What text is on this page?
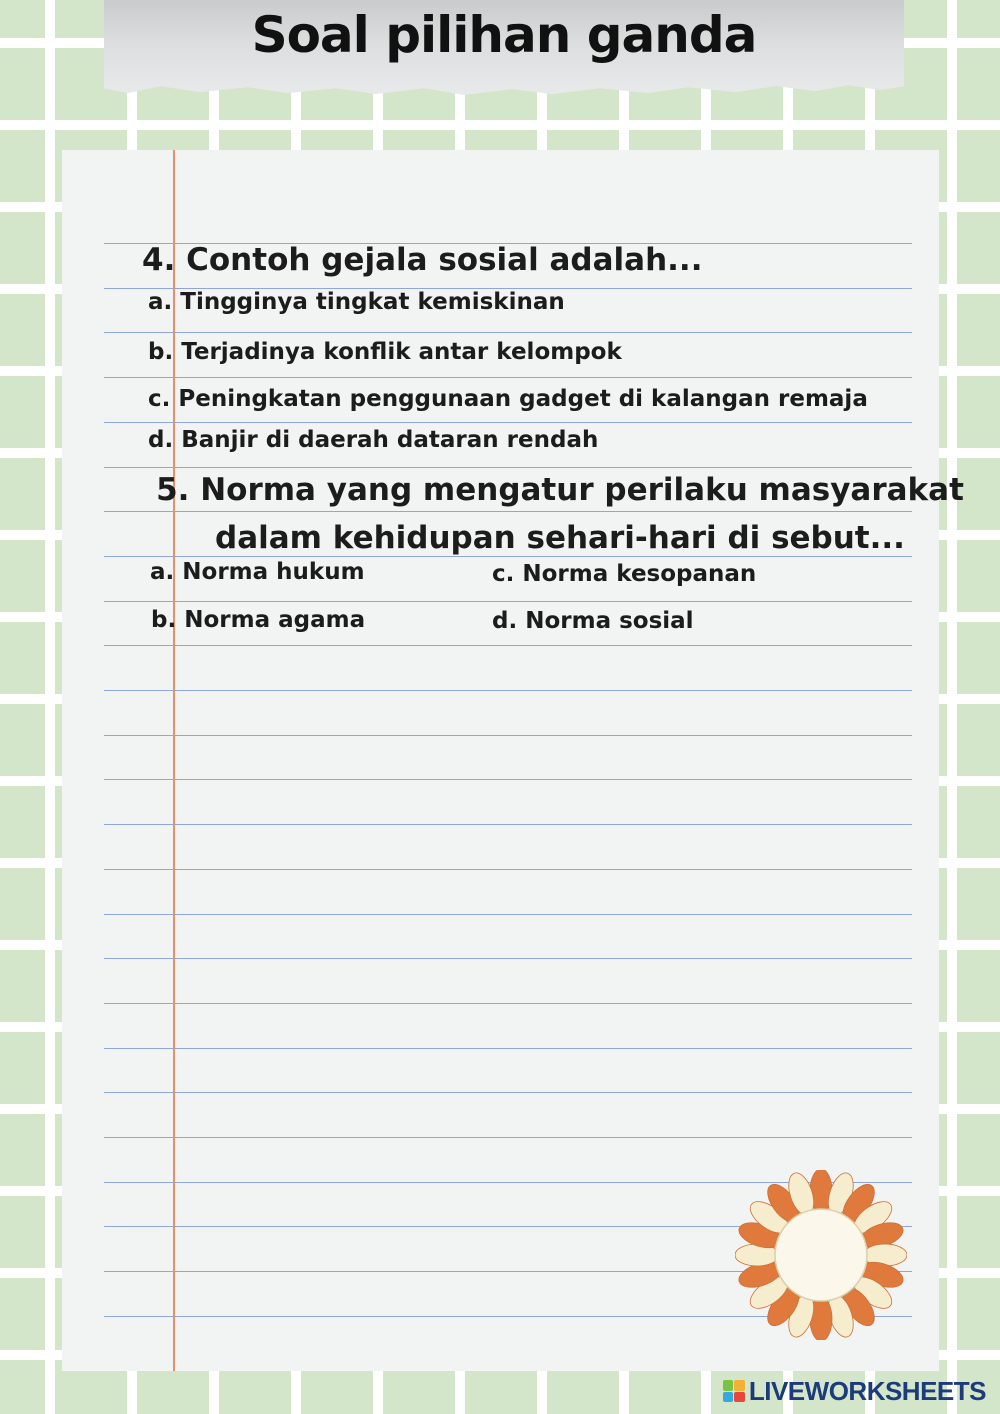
Soal pilihan ganda

4. Contoh gejala sosial adalah...

a. Tingginya tingkat kemiskinan

b. Terjadinya konflik antar kelompok

c. Peningkatan penggunaan gadget di kalangan remaja

d. Banjir di daerah dataran rendah

5. Norma yang mengatur perilaku masyarakat dalam kehidupan sehari-hari di sebut...

a. Norma hukum

b. Norma agama

c. Norma kesopanan

d. Norma sosial

LIVEWORKSHEETS
